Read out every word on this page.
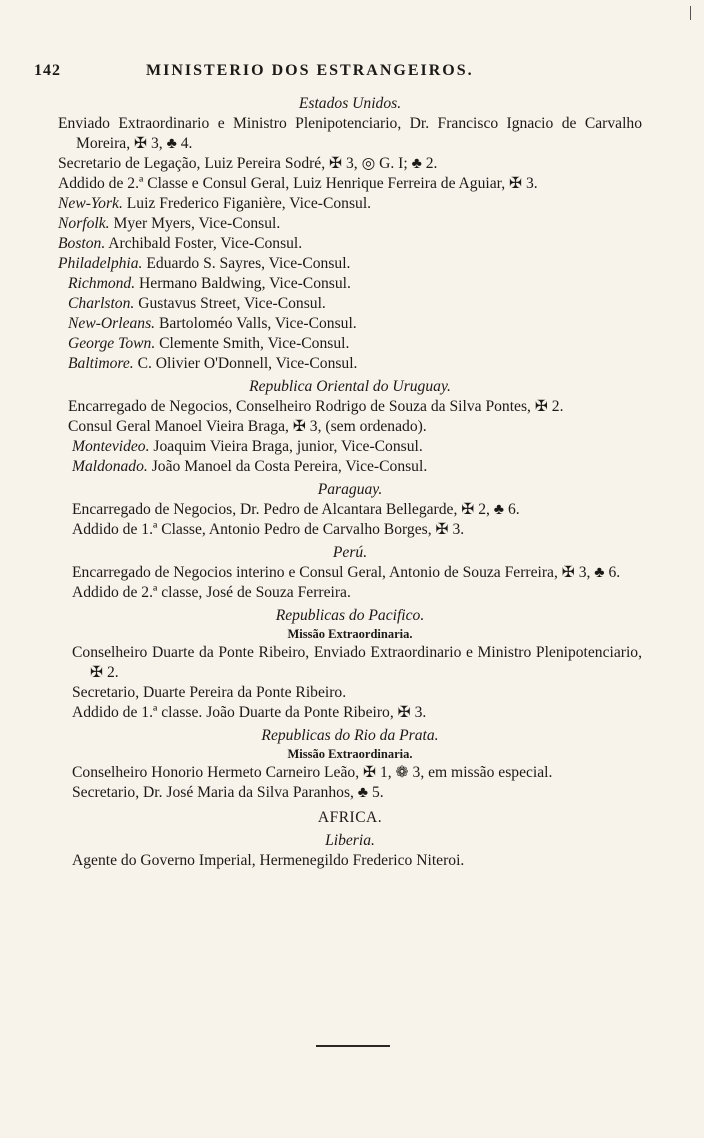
142	MINISTERIO DOS ESTRANGEIROS.
Estados Unidos.
Enviado Extraordinario e Ministro Plenipotenciario, Dr. Francisco Ignacio de Carvalho Moreira, ✠ 3, ♣ 4.
Secretario de Legação, Luiz Pereira Sodré, ✠ 3, ◎ G. I; ♣ 2.
Addido de 2.ª Classe e Consul Geral, Luiz Henrique Ferreira de Aguiar, ✠ 3.
New-York. Luiz Frederico Figanière, Vice-Consul.
Norfolk. Myer Myers, Vice-Consul.
Boston. Archibald Foster, Vice-Consul.
Philadelphia. Eduardo S. Sayres, Vice-Consul.
Richmond. Hermano Baldwing, Vice-Consul.
Charlston. Gustavus Street, Vice-Consul.
New-Orleans. Bartoloméo Valls, Vice-Consul.
George Town. Clemente Smith, Vice-Consul.
Baltimore. C. Olivier O'Donnell, Vice-Consul.
Republica Oriental do Uruguay.
Encarregado de Negocios, Conselheiro Rodrigo de Souza da Silva Pontes, ✠ 2.
Consul Geral Manoel Vieira Braga, ✠ 3, (sem ordenado).
Montevideo. Joaquim Vieira Braga, junior, Vice-Consul.
Maldonado. João Manoel da Costa Pereira, Vice-Consul.
Paraguay.
Encarregado de Negocios, Dr. Pedro de Alcantara Bellegarde, ✠ 2, ♣ 6.
Addido de 1.ª Classe, Antonio Pedro de Carvalho Borges, ✠ 3.
Perú.
Encarregado de Negocios interino e Consul Geral, Antonio de Souza Ferreira, ✠ 3, ♣ 6.
Addido de 2.ª classe, José de Souza Ferreira.
Republicas do Pacifico.
Missão Extraordinaria.
Conselheiro Duarte da Ponte Ribeiro, Enviado Extraordinario e Ministro Plenipotenciario, ✠ 2.
Secretario, Duarte Pereira da Ponte Ribeiro.
Addido de 1.ª classe. João Duarte da Ponte Ribeiro, ✠ 3.
Republicas do Rio da Prata.
Missão Extraordinaria.
Conselheiro Honorio Hermeto Carneiro Leão, ✠ 1, ❁ 3, em missão especial.
Secretario, Dr. José Maria da Silva Paranhos, ♣ 5.
AFRICA.
Liberia.
Agente do Governo Imperial, Hermenegildo Frederico Niteroi.
